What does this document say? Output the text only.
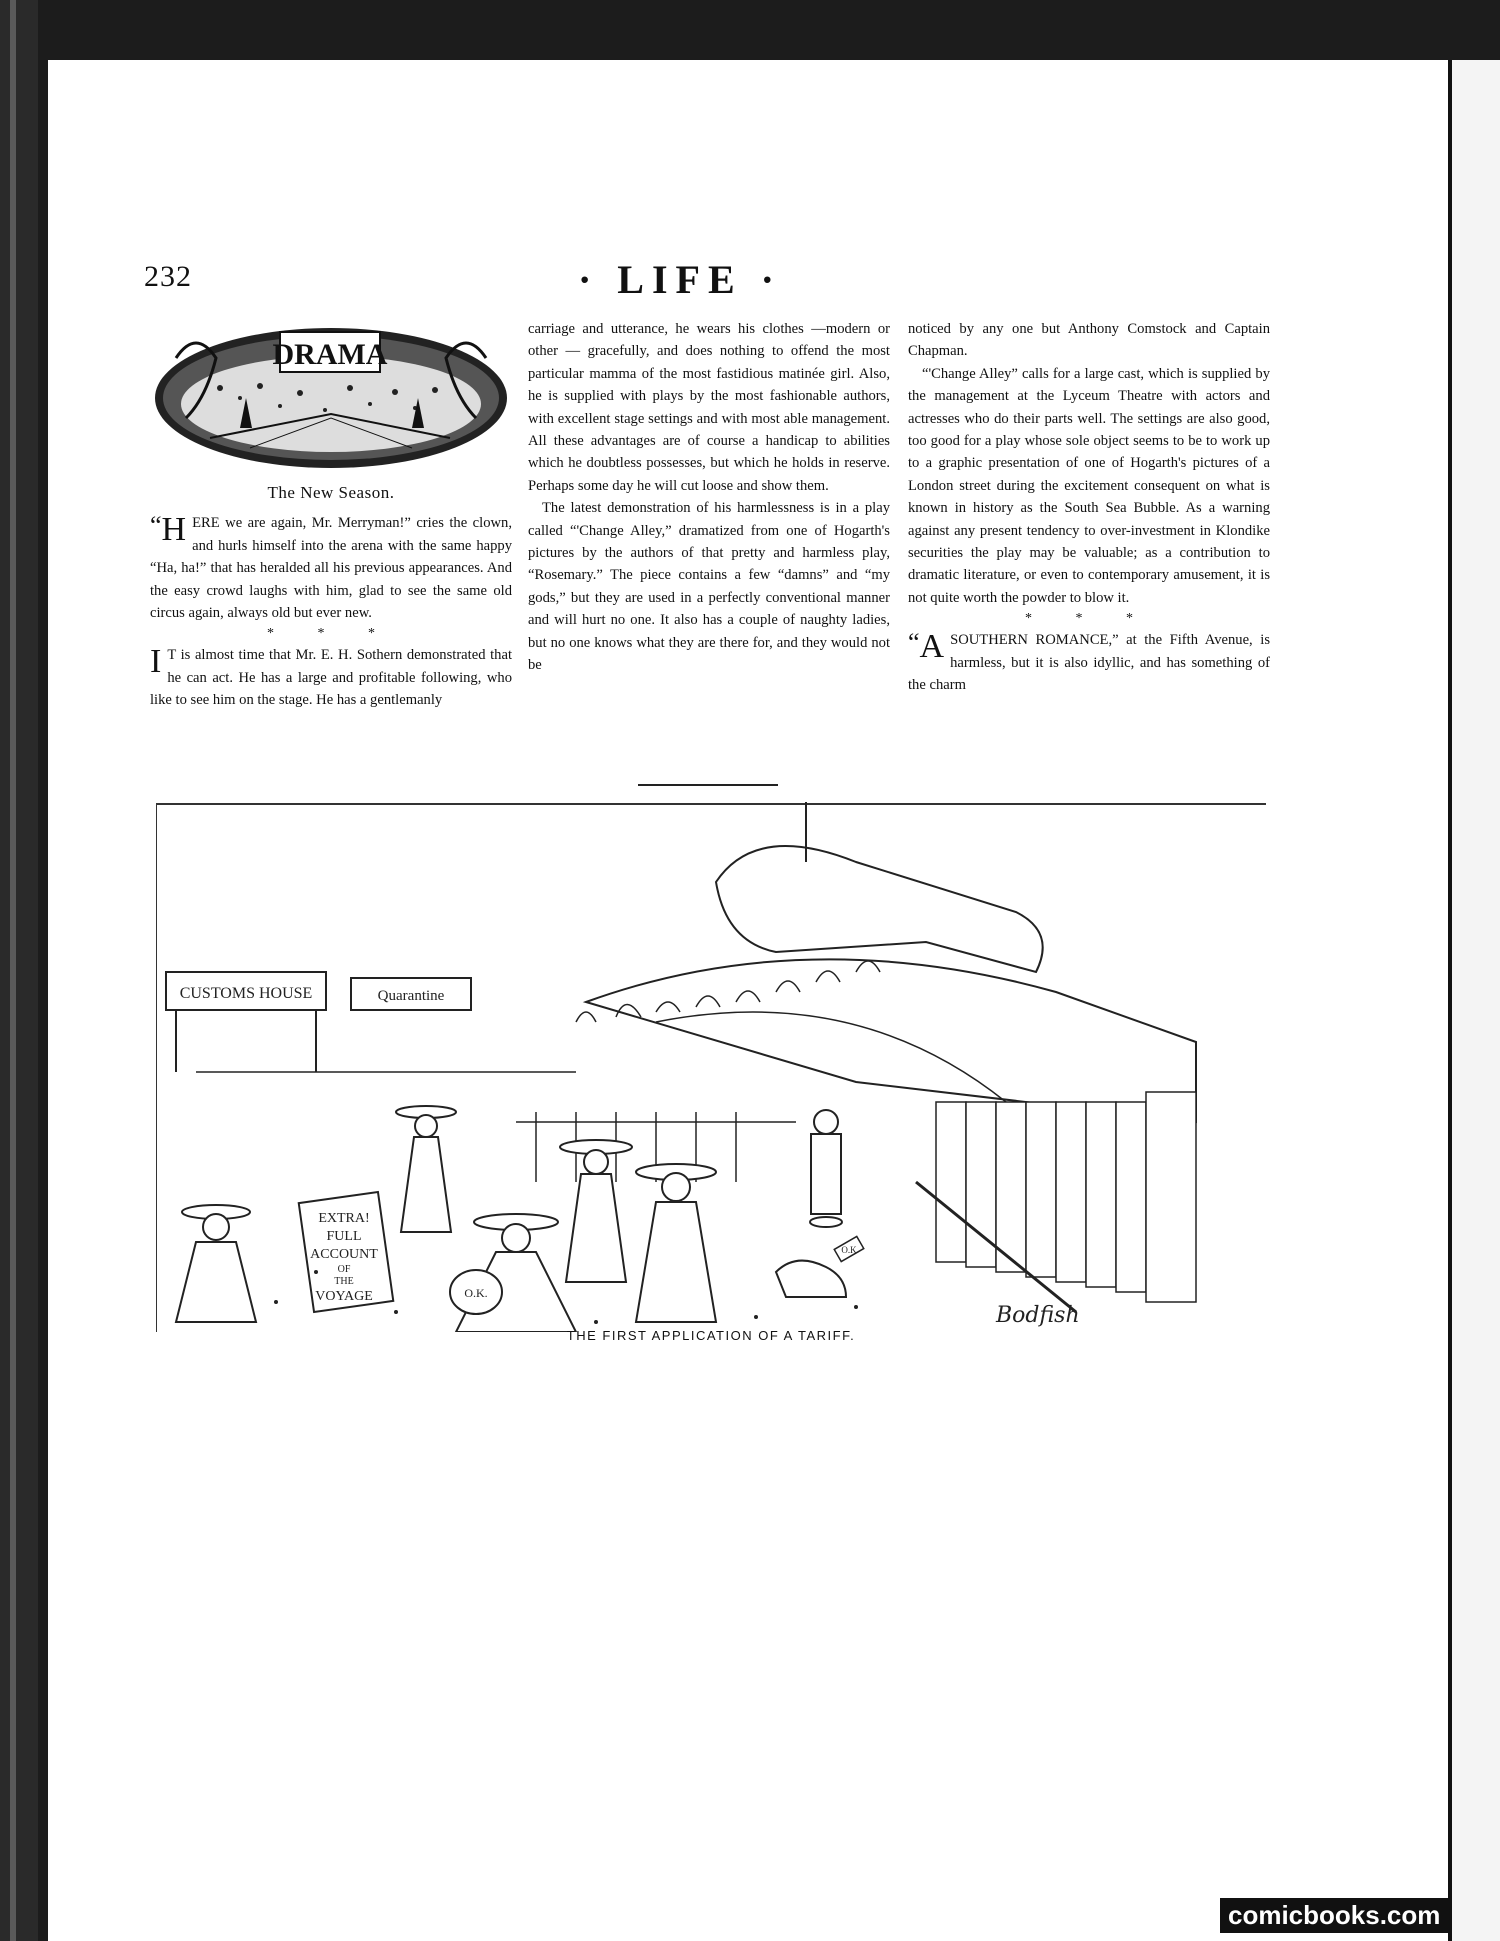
232	· LIFE ·
DRAMA
The New Season.

“ H ERE we are again, Mr. Merryman!” cries the clown, and hurls himself into the arena with the same happy “Ha, ha!” that has heralded all his previous appearances. And the easy crowd laughs with him, glad to see the same old circus again, always old but ever new.

* * *

I T is almost time that Mr. E. H. Sothern demonstrated that he can act. He has a large and profitable following, who like to see him on the stage. He has a gentlemanly

carriage and utterance, he wears his clothes —modern or other — gracefully, and does nothing to offend the most particular mamma of the most fastidious matinée girl. Also, he is supplied with plays by the most fashionable authors, with excellent stage settings and with most able management. All these advantages are of course a handicap to abilities which he doubtless possesses, but which he holds in reserve. Perhaps some day he will cut loose and show them.

The latest demonstration of his harmlessness is in a play called “'Change Alley,” dramatized from one of Hogarth's pictures by the authors of that pretty and harmless play, “Rosemary.” The piece contains a few “damns” and “my gods,” but they are used in a perfectly conventional manner and will hurt no one. It also has a couple of naughty ladies, but no one knows what they are there for, and they would not be

noticed by any one but Anthony Comstock and Captain Chapman.

“'Change Alley” calls for a large cast, which is supplied by the management at the Lyceum Theatre with actors and actresses who do their parts well. The settings are also good, too good for a play whose sole object seems to be to work up to a graphic presentation of one of Hogarth's pictures of a London street during the excitement consequent on what is known in history as the South Sea Bubble. As a warning against any present tendency to over-investment in Klondike securities the play may be valuable; as a contribution to dramatic literature, or even to contemporary amusement, it is not quite worth the powder to blow it.

* * *

“ A SOUTHERN ROMANCE,” at the Fifth Avenue, is harmless, but it is also idyllic, and has something of the charm

CUSTOMS HOUSE	Quarantine
EXTRA!
FULL
ACCOUNT
OF
THE
VOYAGE	O.K.
O.K
Bodfish
THE FIRST APPLICATION OF A TARIFF.
comicbooks.com
